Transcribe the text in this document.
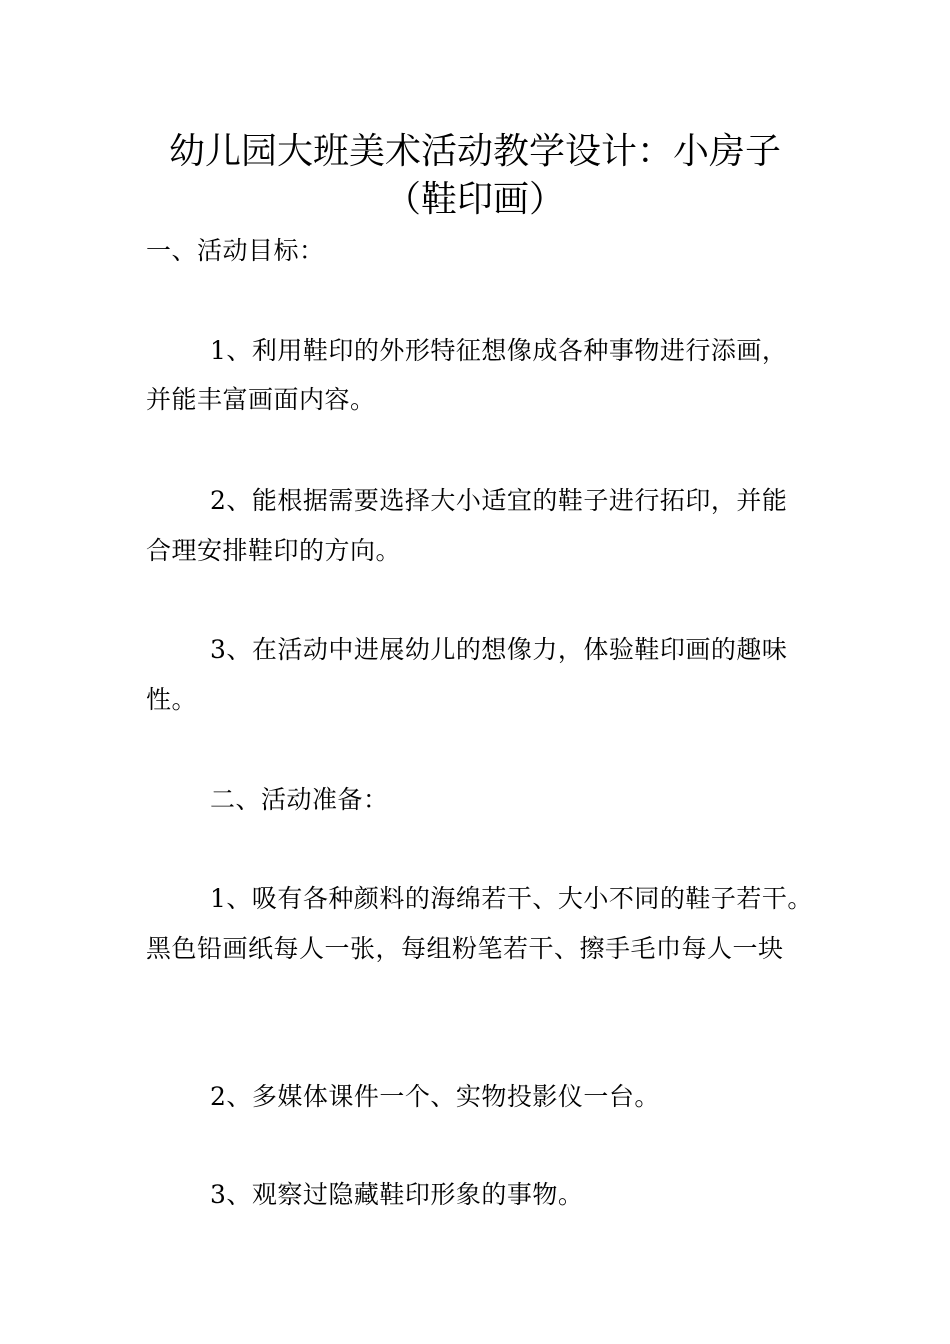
幼儿园大班美术活动教学设计：小房子
（鞋印画）
一、活动目标：
1、利用鞋印的外形特征想像成各种事物进行添画，
并能丰富画面内容。
2、能根据需要选择大小适宜的鞋子进行拓印，并能
合理安排鞋印的方向。
3、在活动中进展幼儿的想像力，体验鞋印画的趣味
性。
二、活动准备：
1、吸有各种颜料的海绵若干、大小不同的鞋子若干。
黑色铅画纸每人一张，每组粉笔若干、擦手毛巾每人一块
2、多媒体课件一个、实物投影仪一台。
3、观察过隐藏鞋印形象的事物。
